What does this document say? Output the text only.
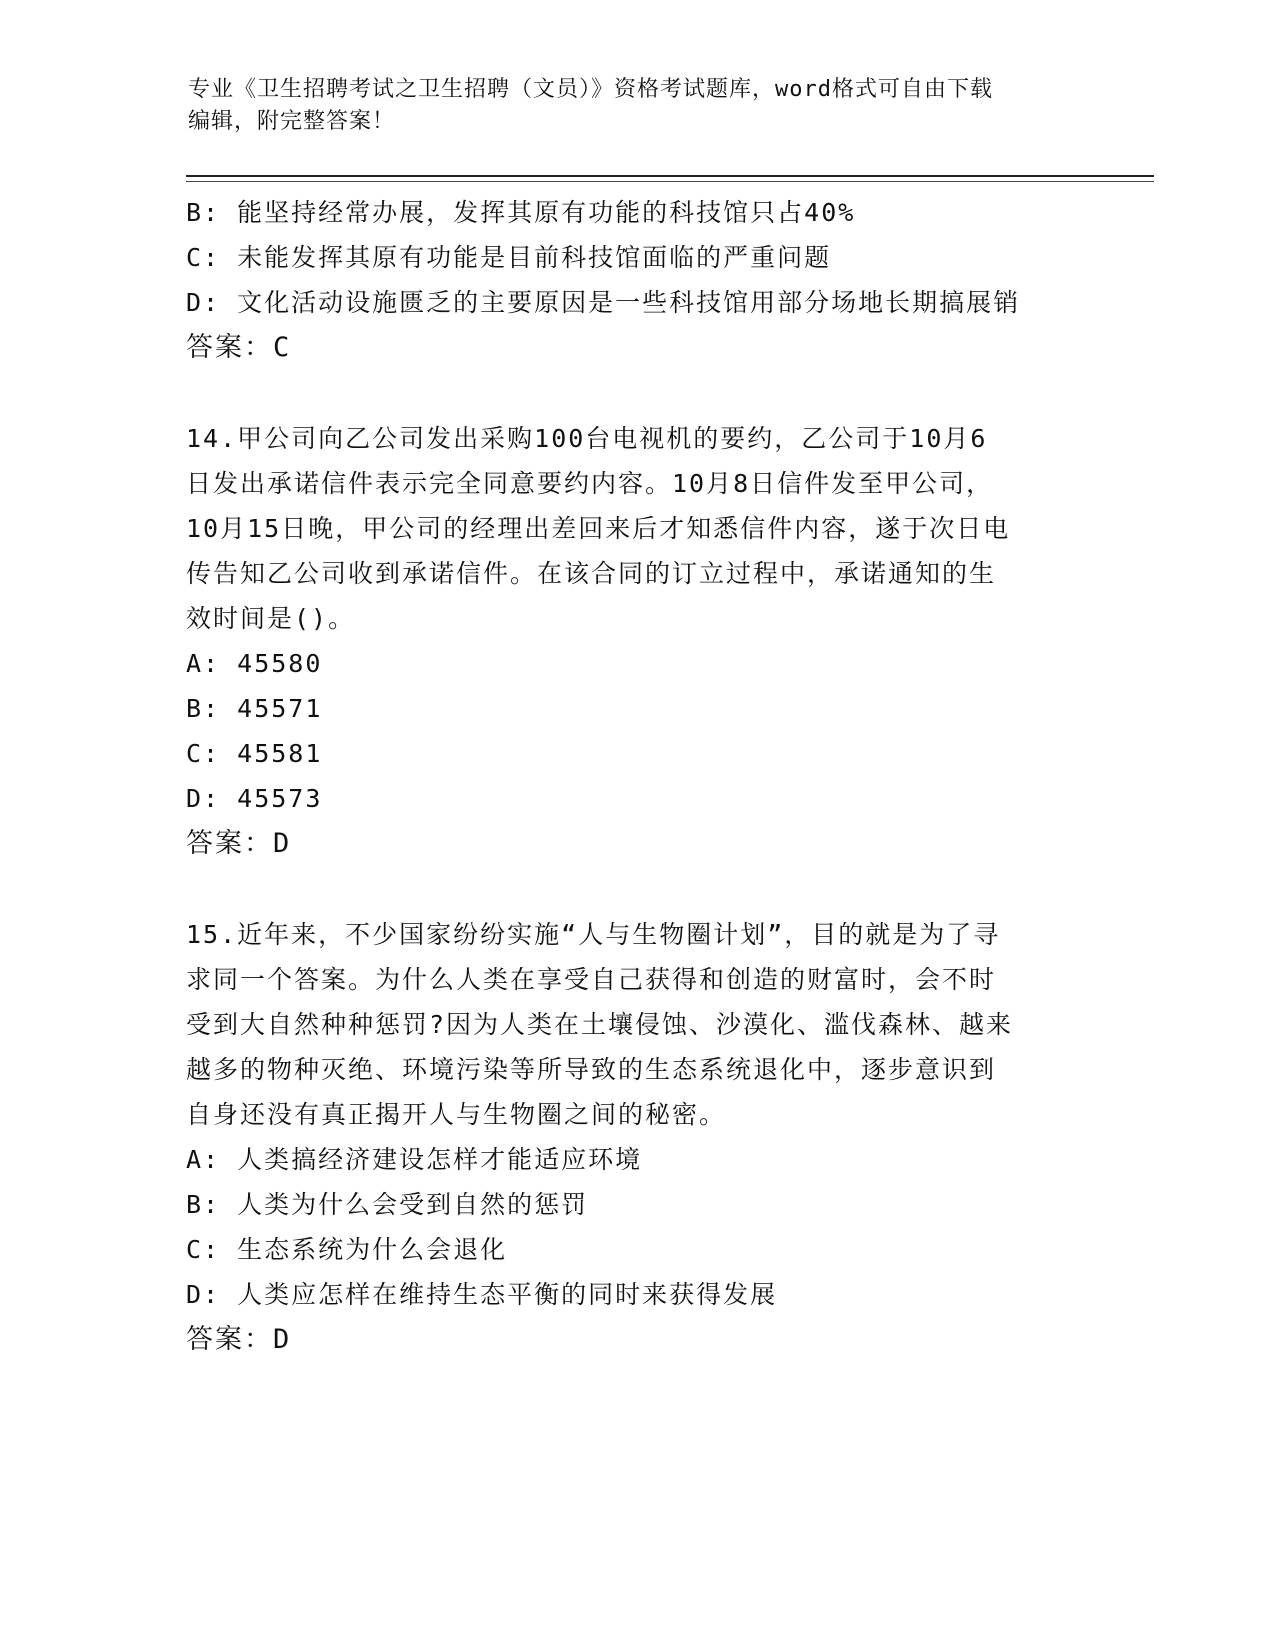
专业《卫生招聘考试之卫生招聘（文员）》资格考试题库，word格式可自由下载
编辑，附完整答案！
B: 能坚持经常办展，发挥其原有功能的科技馆只占40%
C: 未能发挥其原有功能是目前科技馆面临的严重问题
D: 文化活动设施匮乏的主要原因是一些科技馆用部分场地长期搞展销
答案：C
14.甲公司向乙公司发出采购100台电视机的要约，乙公司于10月6
日发出承诺信件表示完全同意要约内容。10月8日信件发至甲公司，
10月15日晚，甲公司的经理出差回来后才知悉信件内容，遂于次日电
传告知乙公司收到承诺信件。在该合同的订立过程中，承诺通知的生
效时间是()。
A: 45580
B: 45571
C: 45581
D: 45573
答案：D
15.近年来，不少国家纷纷实施“人与生物圈计划”，目的就是为了寻
求同一个答案。为什么人类在享受自己获得和创造的财富时，会不时
受到大自然种种惩罚?因为人类在土壤侵蚀、沙漠化、滥伐森林、越来
越多的物种灭绝、环境污染等所导致的生态系统退化中，逐步意识到
自身还没有真正揭开人与生物圈之间的秘密。
A: 人类搞经济建设怎样才能适应环境
B: 人类为什么会受到自然的惩罚
C: 生态系统为什么会退化
D: 人类应怎样在维持生态平衡的同时来获得发展
答案：D
